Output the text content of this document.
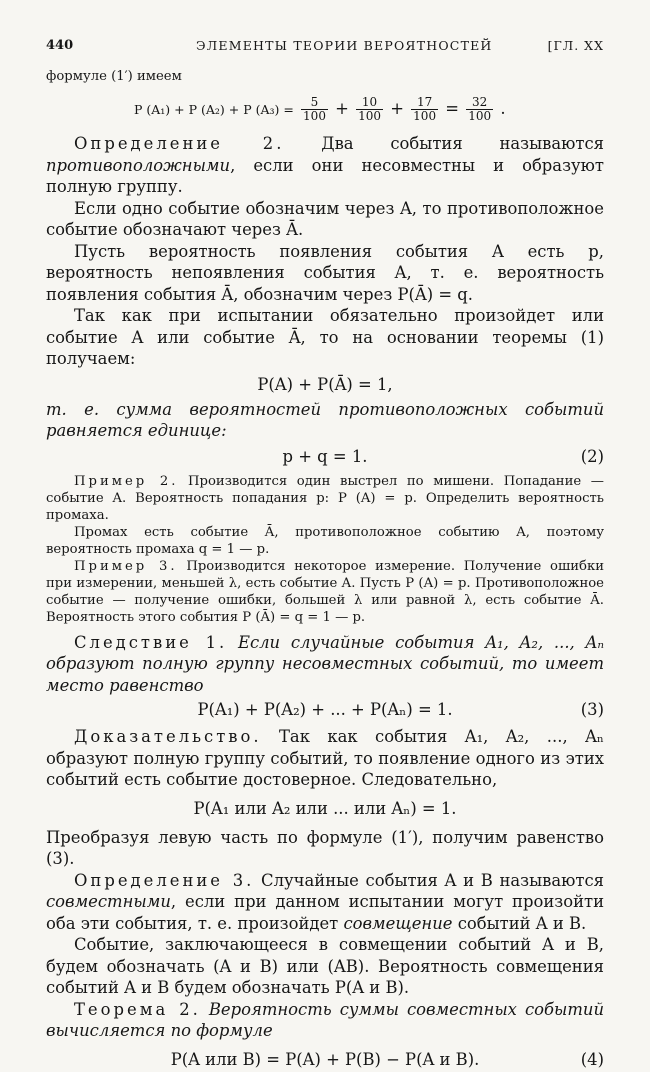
440	ЭЛЕМЕНТЫ ТЕОРИИ ВЕРОЯТНОСТЕЙ	[ГЛ. XX

формуле (1′) имеем

P (A₁) + P (A₂) + P $(A_3) = \frac{5}{100} + \frac{10}{100} + \frac{17}{100} = \frac{32}{100}$ .

Определение 2. Два события называются противоположными, если они несовместны и образуют полную группу.

Если одно событие обозначим через A, то противоположное событие обозначают через Ā.

Пусть вероятность появления события A есть p, вероятность непоявления события A, т. е. вероятность появления события Ā, обозначим через P(Ā) = q.

Так как при испытании обязательно произойдет или событие A или событие Ā, то на основании теоремы (1) получаем:

P(A) + P(Ā) = 1,

т. е. сумма вероятностей противоположных событий равняется единице:

p + q = 1.	(2)

Пример 2. Производится один выстрел по мишени. Попадание — событие A. Вероятность попадания p: P (A) = p. Определить вероятность промаха.

Промах есть событие Ā, противоположное событию A, поэтому вероятность промаха q = 1 — p.

Пример 3. Производится некоторое измерение. Получение ошибки при измерении, меньшей λ, есть событие A. Пусть P (A) = p. Противоположное событие — получение ошибки, большей λ или равной λ, есть событие Ā. Вероятность этого события P (Ā) = q = 1 — p.

Следствие 1. Если случайные события A₁, A₂, ..., Aₙ образуют полную группу несовместных событий, то имеет место равенство

P(A₁) + P(A₂) + ... + P(Aₙ) = 1.	(3)

Доказательство. Так как события A₁, A₂, ..., Aₙ образуют полную группу событий, то появление одного из этих событий есть событие достоверное. Следовательно,

P(A₁ или A₂ или ... или Aₙ) = 1.

Преобразуя левую часть по формуле (1′), получим равенство (3).

Определение 3. Случайные события A и B называются совместными, если при данном испытании могут произойти оба эти события, т. е. произойдет совмещение событий A и B.

Событие, заключающееся в совмещении событий A и B, будем обозначать (A и B) или (AB). Вероятность совмещения событий A и B будем обозначать P(A и B).

Теорема 2. Вероятность суммы совместных событий вычисляется по формуле

P(A или B) = P(A) + P(B) − P(A и B).	(4)
